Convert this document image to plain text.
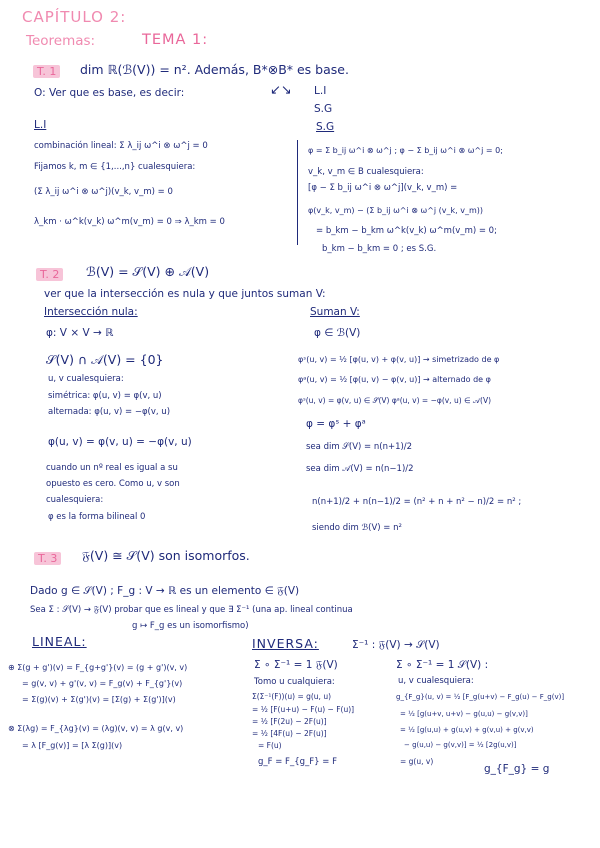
CAPÍTULO 2:
Teoremas:	TEMA 1:
T. 1	dim ℝ(ℬ(V)) = n². Además, B*⊗B* es base.
O: Ver que es base, es decir:	↙↘ L.I
S.G
L.I
combinación lineal: Σ λ_ij ω^i ⊗ ω^j = 0
Fijamos k, m ∈ {1,...,n} cualesquiera:
(Σ λ_ij ω^i ⊗ ω^j)(v_k, v_m) = 0
λ_km · ω^k(v_k) ω^m(v_m) = 0 ⇒ λ_km = 0
S.G
φ = Σ b_ij ω^i ⊗ ω^j ; φ − Σ b_ij ω^i ⊗ ω^j = 0;
v_k, v_m ∈ B cualesquiera:
[φ − Σ b_ij ω^i ⊗ ω^j](v_k, v_m) =
φ(v_k, v_m) − (Σ b_ij ω^i ⊗ ω^j (v_k, v_m))
= b_km − b_km ω^k(v_k) ω^m(v_m) = 0;
b_km − b_km = 0 ; es S.G.
T. 2	ℬ(V) = 𝒮(V) ⊕ 𝒜(V)
ver que la intersección es nula y que juntos suman V:
Intersección nula:
φ: V × V → ℝ
𝒮(V) ∩ 𝒜(V) = {0}
u, v cualesquiera:
simétrica: φ(u, v) = φ(v, u)
alternada: φ(u, v) = −φ(v, u)
φ(u, v) = φ(v, u) = −φ(v, u)
cuando un nº real es igual a su
opuesto es cero. Como u, v son
cualesquiera:
φ es la forma bilineal 0
Suman V:
φ ∈ ℬ(V)
φˢ(u, v) = ½ [φ(u, v) + φ(v, u)] → simetrizado de φ
φᵃ(u, v) = ½ [φ(u, v) − φ(v, u)] → alternado de φ
φˢ(u, v) = φ(v, u) ∈ 𝒮(V) φᵃ(u, v) = −φ(v, u) ∈ 𝒜(V)
φ = φˢ + φᵃ
sea dim 𝒮(V) = n(n+1)/2
sea dim 𝒜(V) = n(n−1)/2
n(n+1)/2 + n(n−1)/2 = (n² + n + n² − n)/2 = n² ;
siendo dim ℬ(V) = n²
T. 3	𝔉(V) ≅ 𝒮(V) son isomorfos.
Dado g ∈ 𝒮(V) ; F_g : V → ℝ es un elemento ∈ 𝔉(V)
Sea Σ : 𝒮(V) → 𝔉(V) probar que es lineal y que ∃ Σ⁻¹ (una ap. lineal continua
g ↦ F_g es un isomorfismo)
LINEAL:
⊕ Σ(g + g')(v) = F_{g+g'}(v) = (g + g')(v, v)
= g(v, v) + g'(v, v) = F_g(v) + F_{g'}(v)
= Σ(g)(v) + Σ(g')(v) = [Σ(g) + Σ(g')](v)
⊗ Σ(λg) = F_{λg}(v) = (λg)(v, v) = λ g(v, v)
= λ [F_g(v)] = [λ Σ(g)](v)
INVERSA:	Σ⁻¹ : 𝔉(V) → 𝒮(V)
Σ ∘ Σ⁻¹ = 1 𝔉(V)
Tomo u cualquiera:
Σ(Σ⁻¹(F))(u) = g(u, u)
= ½ [F(u+u) − F(u) − F(u)]
= ½ [F(2u) − 2F(u)]
= ½ [4F(u) − 2F(u)]
= F(u)
g_F = F_{g_F} = F
Σ ∘ Σ⁻¹ = 1 𝒮(V) :
u, v cualesquiera:
g_{F_g}(u, v) = ½ [F_g(u+v) − F_g(u) − F_g(v)]
= ½ [g(u+v, u+v) − g(u,u) − g(v,v)]
= ½ [g(u,u) + g(u,v) + g(v,u) + g(v,v)
− g(u,u) − g(v,v)] = ½ [2g(u,v)]
= g(u, v)
g_{F_g} = g
